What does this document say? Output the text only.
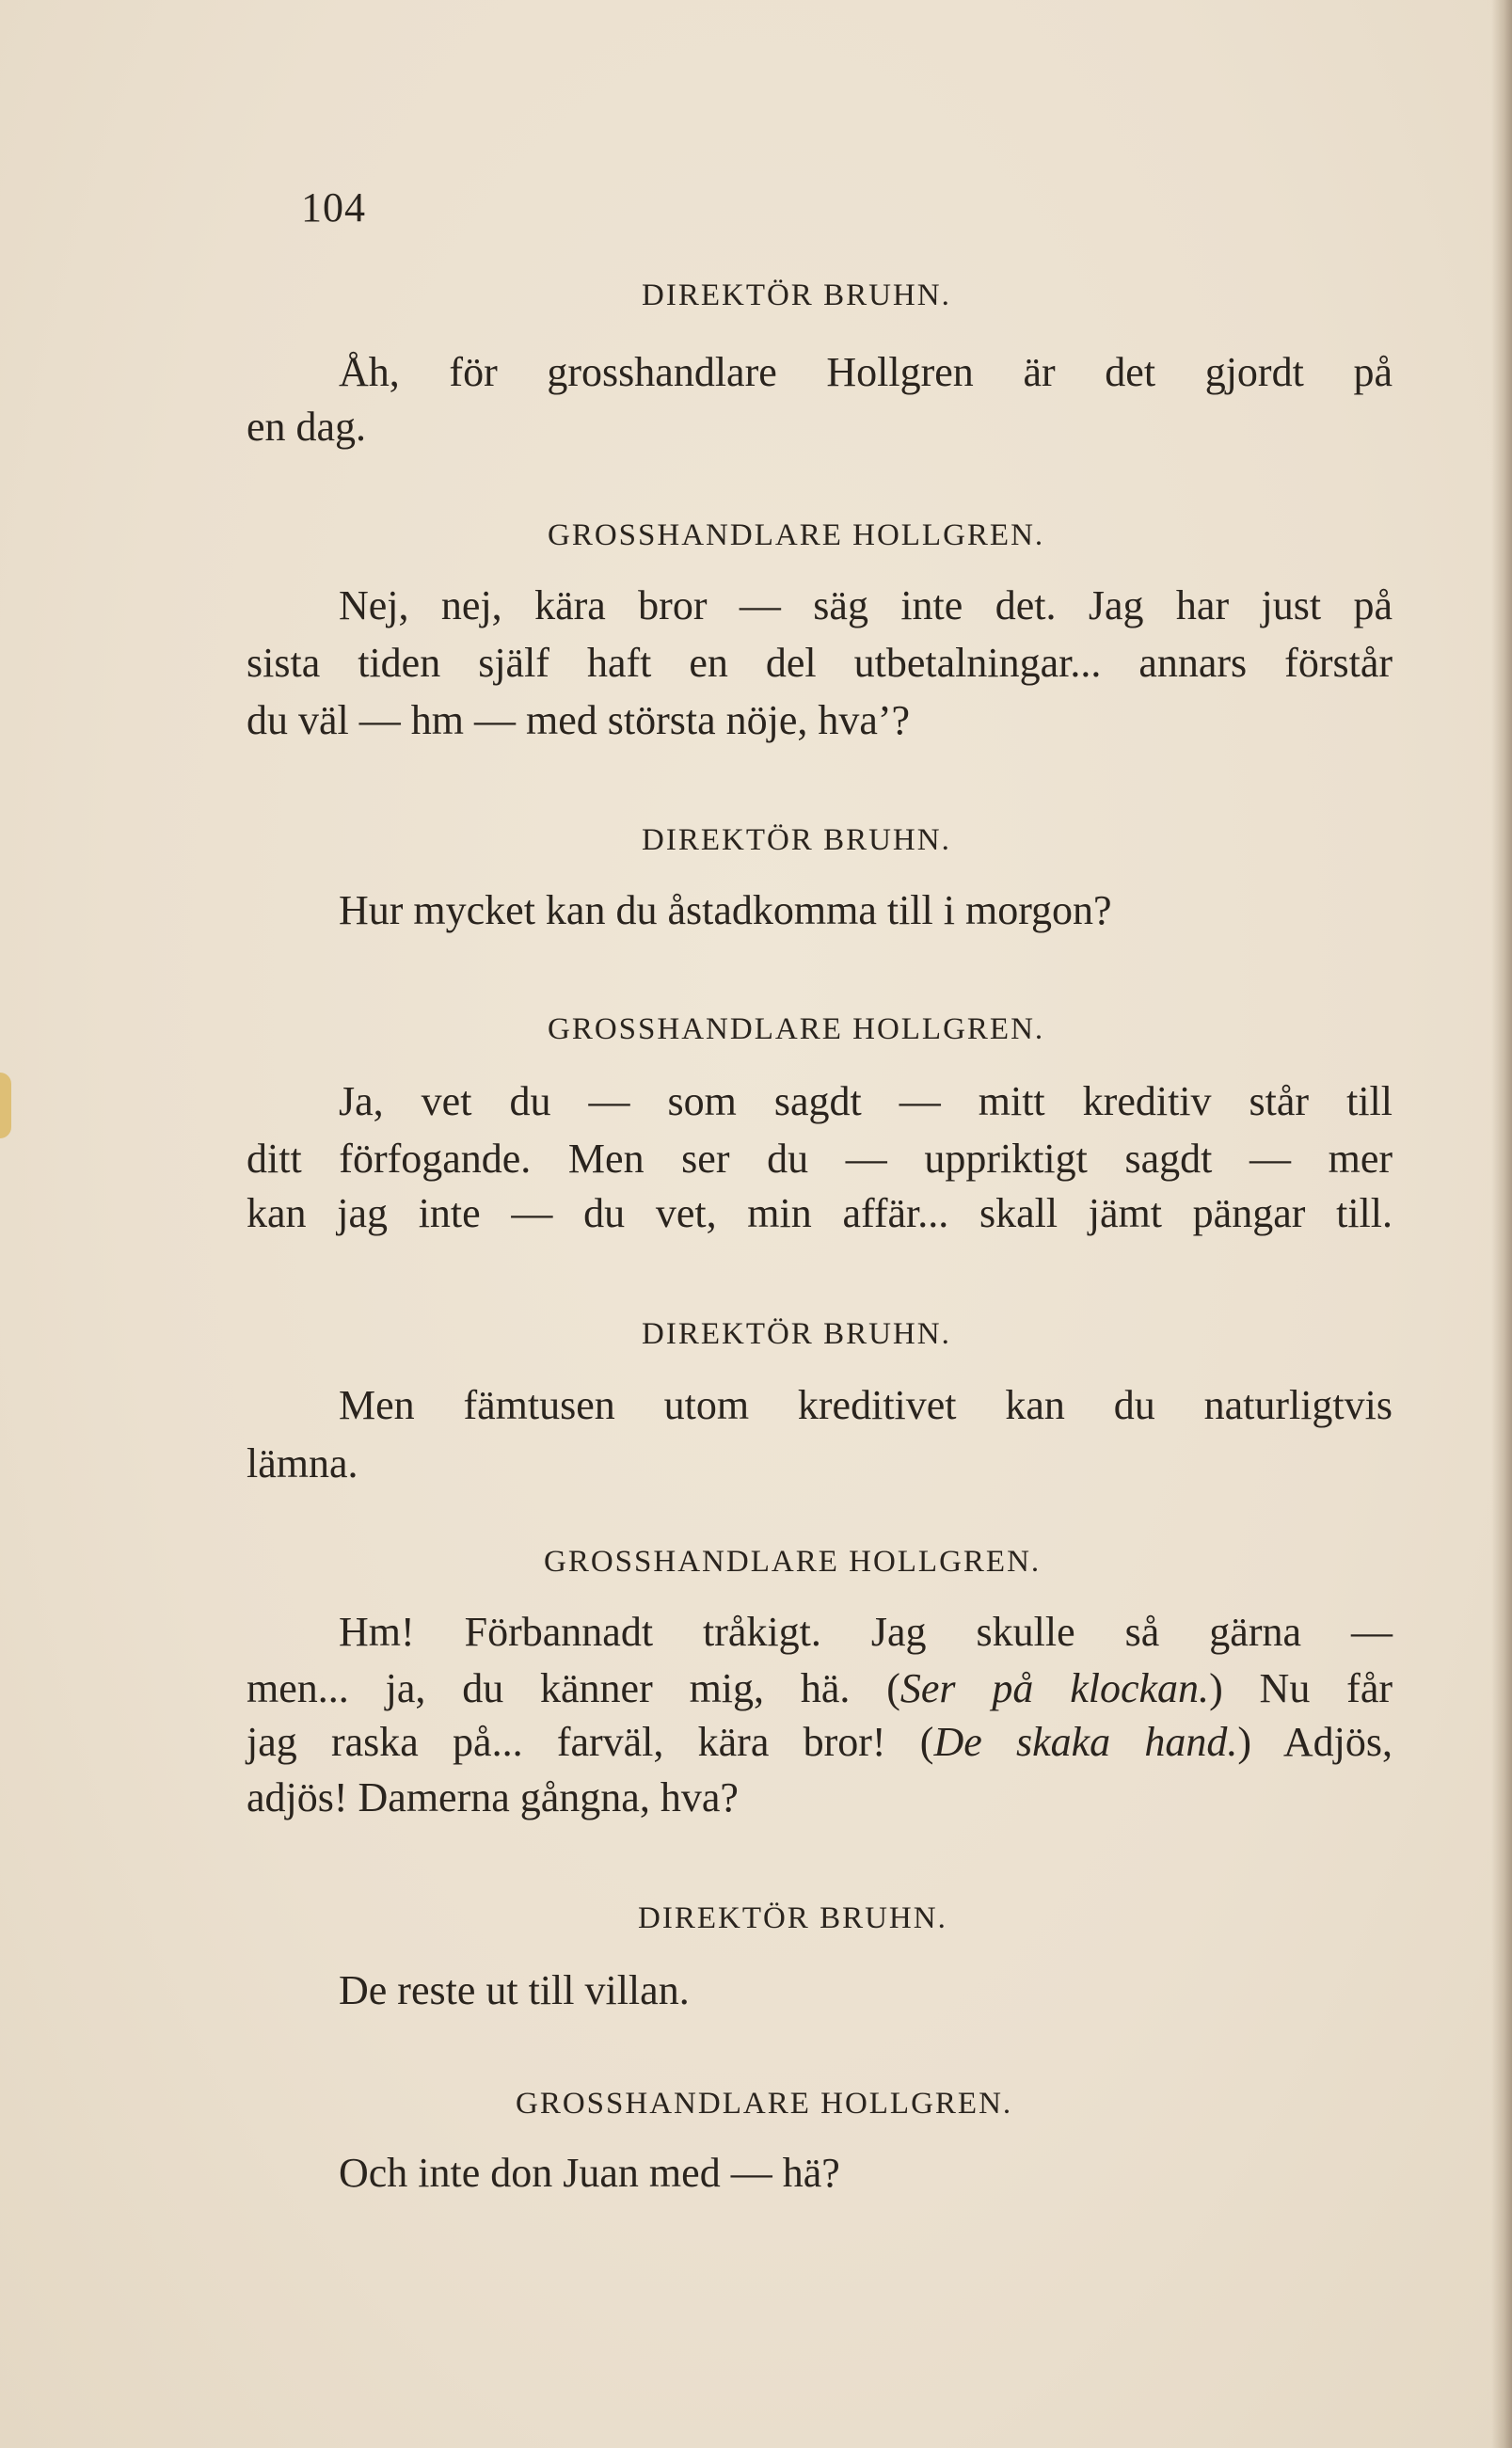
104
DIREKTÖR BRUHN.
Åh, för grosshandlare Hollgren är det gjordt på
en dag.
GROSSHANDLARE HOLLGREN.
Nej, nej, kära bror — säg inte det. Jag har just på
sista tiden själf haft en del utbetalningar... annars förstår
du väl — hm — med största nöje, hva’?
DIREKTÖR BRUHN.
Hur mycket kan du åstadkomma till i morgon?
GROSSHANDLARE HOLLGREN.
Ja, vet du — som sagdt — mitt kreditiv står till
ditt förfogande. Men ser du — uppriktigt sagdt — mer
kan jag inte — du vet, min affär... skall jämt pängar till.
DIREKTÖR BRUHN.
Men fämtusen utom kreditivet kan du naturligtvis
lämna.
GROSSHANDLARE HOLLGREN.
Hm! Förbannadt tråkigt. Jag skulle så gärna —
men... ja, du känner mig, hä. (Ser på klockan.) Nu får
jag raska på... farväl, kära bror! (De skaka hand.) Adjös,
adjös! Damerna gångna, hva?
DIREKTÖR BRUHN.
De reste ut till villan.
GROSSHANDLARE HOLLGREN.
Och inte don Juan med — hä?
